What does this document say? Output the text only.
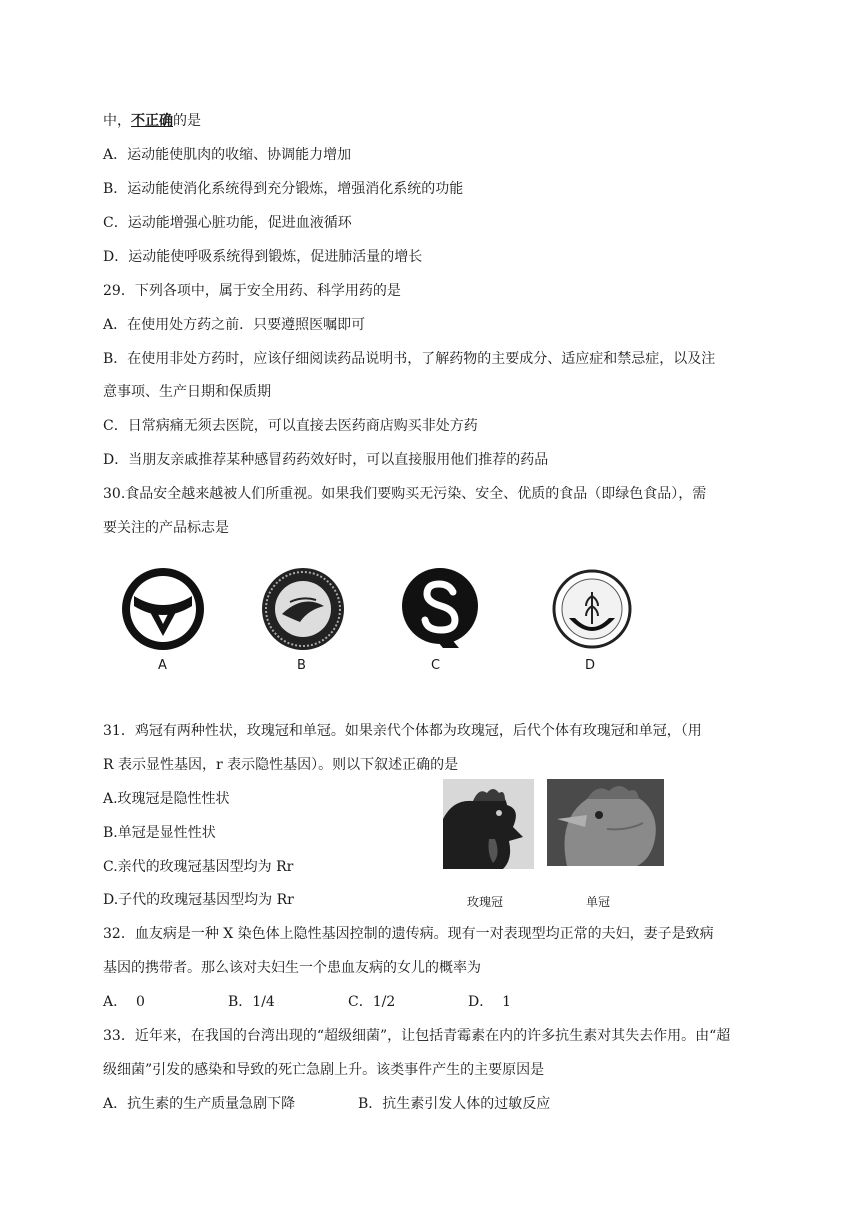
中，不正确的是
A．运动能使肌肉的收缩、协调能力增加
B．运动能使消化系统得到充分锻炼，增强消化系统的功能
C．运动能增强心脏功能，促进血液循环
D．运动能使呼吸系统得到锻炼，促进肺活量的增长
29．下列各项中，属于安全用药、科学用药的是
A．在使用处方药之前．只要遵照医嘱即可
B．在使用非处方药时，应该仔细阅读药品说明书，了解药物的主要成分、适应症和禁忌症，以及注
意事项、生产日期和保质期
C．日常病痛无须去医院，可以直接去医药商店购买非处方药
D．当朋友亲戚推荐某种感冒药药效好时，可以直接服用他们推荐的药品
30.食品安全越来越被人们所重视。如果我们要购买无污染、安全、优质的食品（即绿色食品），需
要关注的产品标志是
A	B	C	D
31．鸡冠有两种性状，玫瑰冠和单冠。如果亲代个体都为玫瑰冠，后代个体有玫瑰冠和单冠，（用
R 表示显性基因，r 表示隐性基因）。则以下叙述正确的是
A.玫瑰冠是隐性性状
B.单冠是显性性状
C.亲代的玫瑰冠基因型均为 Rr
D.子代的玫瑰冠基因型均为 Rr	玫瑰冠	单冠
32．血友病是一种 X 染色体上隐性基因控制的遗传病。现有一对表现型均正常的夫妇，妻子是致病
基因的携带者。那么该对夫妇生一个患血友病的女儿的概率为
A．  0	B．1/4	C．1/2	D．  1
33．近年来，在我国的台湾出现的“超级细菌”，让包括青霉素在内的许多抗生素对其失去作用。由“超
级细菌”引发的感染和导致的死亡急剧上升。该类事件产生的主要原因是
A．抗生素的生产质量急剧下降	B．抗生素引发人体的过敏反应
